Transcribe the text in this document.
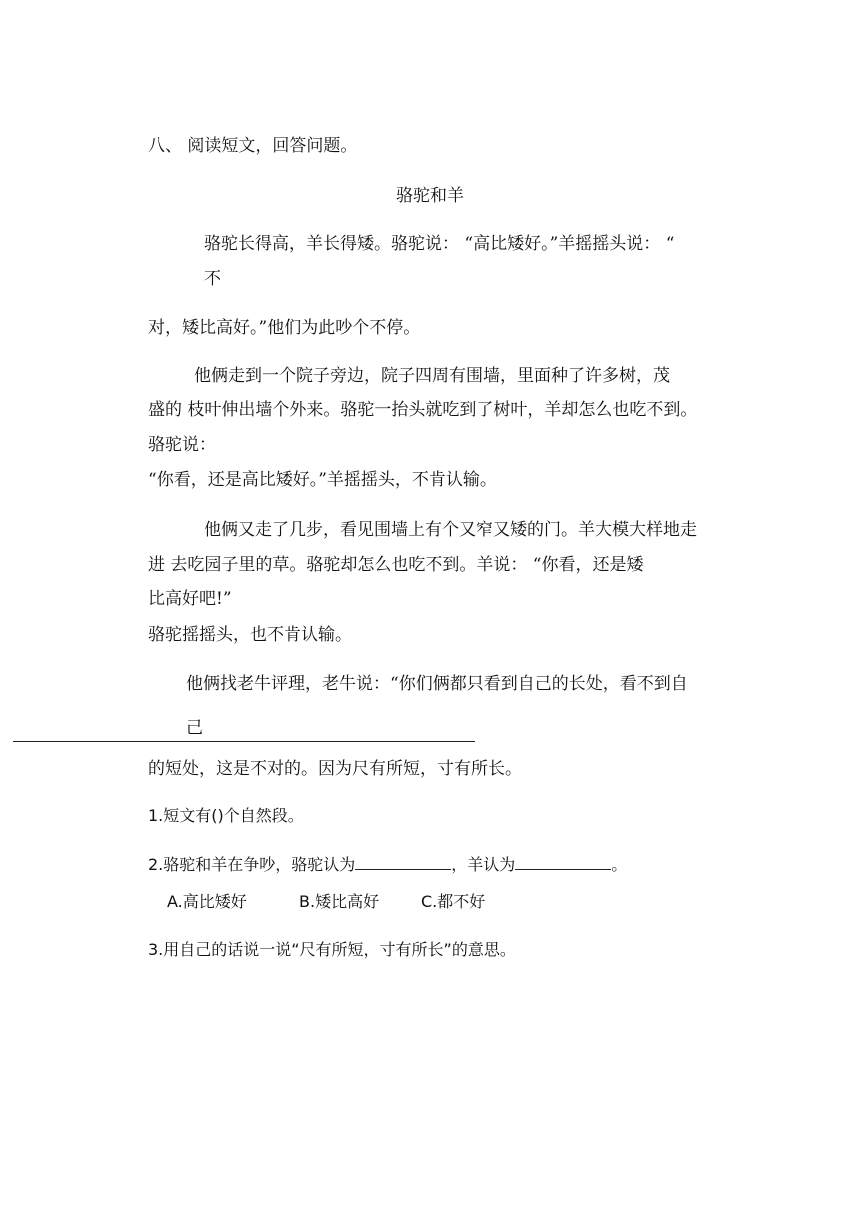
八、 阅读短文，回答问题。
骆驼和羊
骆驼长得高，羊长得矮。骆驼说： “高比矮好。”羊摇摇头说： “
不
对，矮比高好。”他们为此吵个不停。
他俩走到一个院子旁边，院子四周有围墙，里面种了许多树，茂
盛的 枝叶伸出墙个外来。骆驼一抬头就吃到了树叶，羊却怎么也吃不到。
骆驼说：
“你看，还是高比矮好。”羊摇摇头，不肯认输。
他俩又走了几步，看见围墙上有个又窄又矮的门。羊大模大样地走
进 去吃园子里的草。骆驼却怎么也吃不到。羊说： “你看，还是矮
比高好吧!”
骆驼摇摇头，也不肯认输。
他俩找老牛评理，老牛说：“你们俩都只看到自己的长处，看不到自
己
的短处，这是不对的。因为尺有所短，寸有所长。
1.短文有()个自然段。
2.骆驼和羊在争吵，骆驼认为	，羊认为	。
A.高比矮好	B.矮比高好	C.都不好
3.用自己的话说一说“尺有所短，寸有所长”的意思。
